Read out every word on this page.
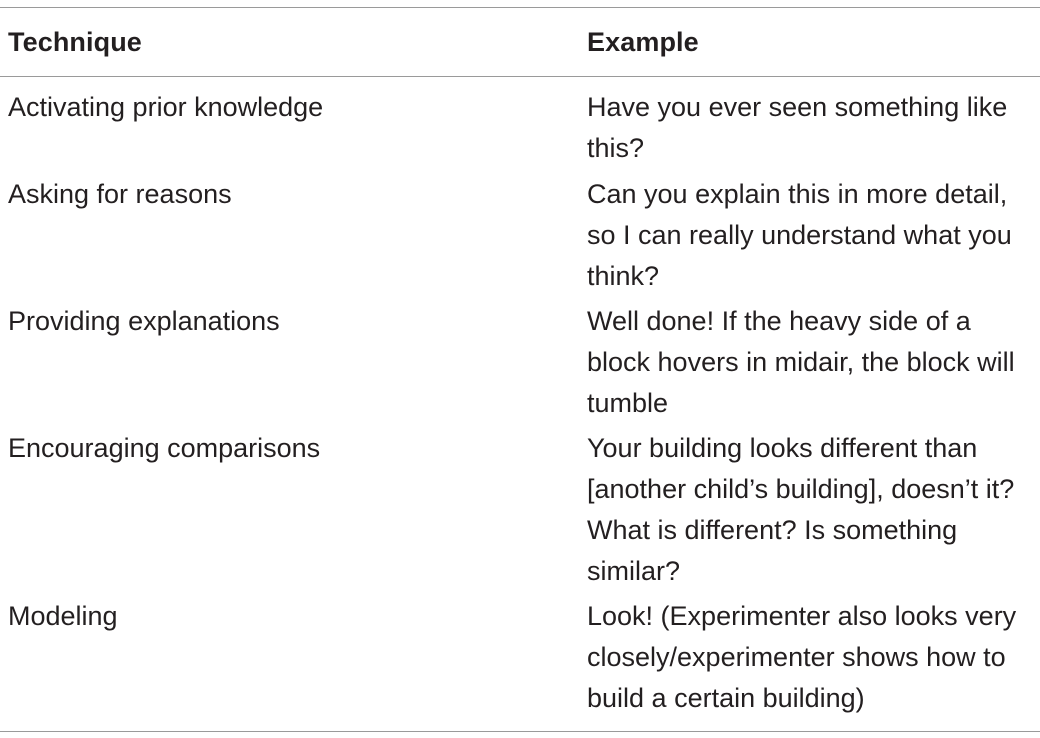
Technique	Example
Activating prior knowledge	Have you ever seen something like
this?
Asking for reasons	Can you explain this in more detail,
so I can really understand what you
think?
Providing explanations	Well done! If the heavy side of a
block hovers in midair, the block will
tumble
Encouraging comparisons	Your building looks different than
[another child’s building], doesn’t it?
What is different? Is something
similar?
Modeling	Look! (Experimenter also looks very
closely/experimenter shows how to
build a certain building)
